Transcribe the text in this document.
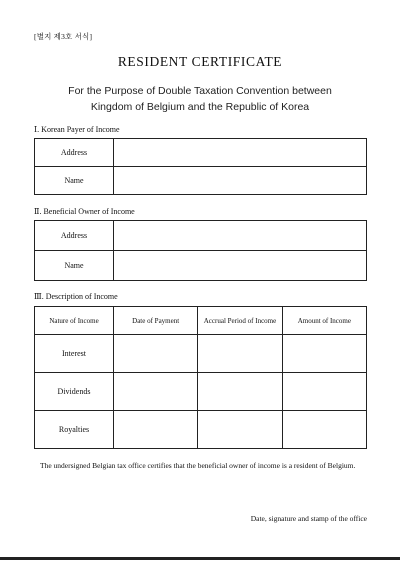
[별지 제3호 서식]
RESIDENT CERTIFICATE
For the Purpose of Double Taxation Convention between
Kingdom of Belgium and the Republic of Korea
Ⅰ. Korean Payer of Income
Address	
Name	
Ⅱ. Beneficial Owner of Income
Address	
Name	
Ⅲ. Description of Income
Nature of Income	Date of Payment	Accrual Period of Income	Amount of Income
Interest			
Dividends			
Royalties			
The undersigned Belgian tax office certifies that the beneficial owner of income is a resident of Belgium.
Date, signature and stamp of the office
